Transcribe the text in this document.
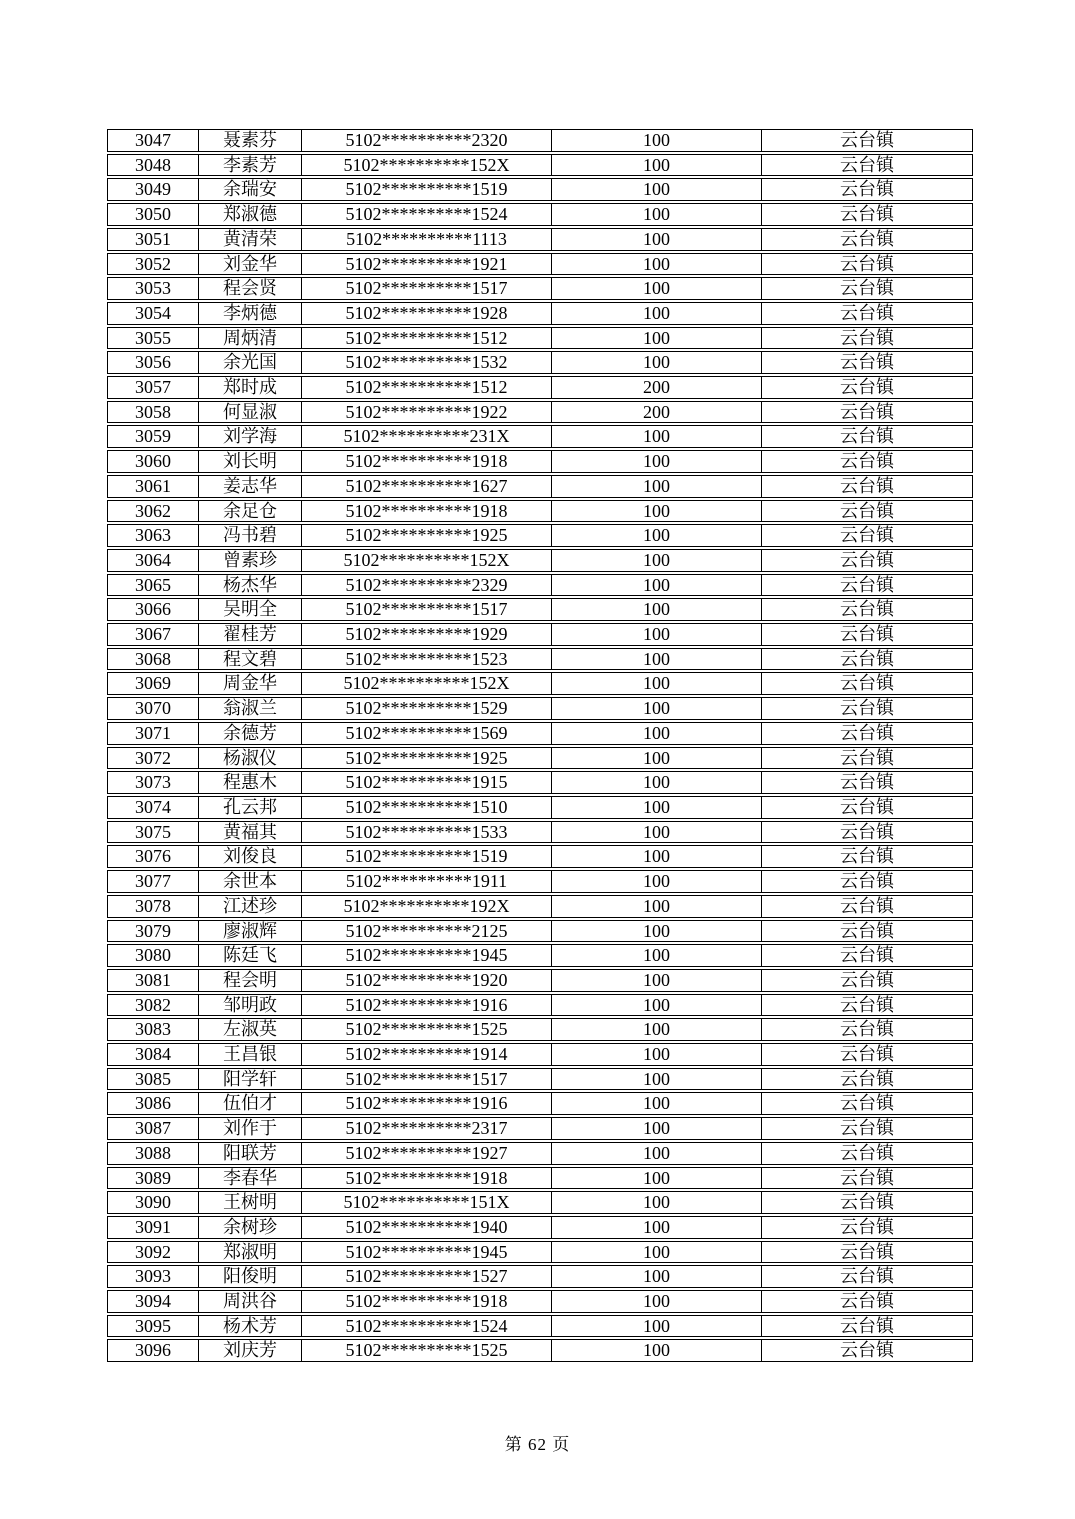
3047	聂素芬	5102**********2320	100	云台镇
3048	李素芳	5102**********152X	100	云台镇
3049	余瑞安	5102**********1519	100	云台镇
3050	郑淑德	5102**********1524	100	云台镇
3051	黄清荣	5102**********1113	100	云台镇
3052	刘金华	5102**********1921	100	云台镇
3053	程会贤	5102**********1517	100	云台镇
3054	李炳德	5102**********1928	100	云台镇
3055	周炳清	5102**********1512	100	云台镇
3056	余光国	5102**********1532	100	云台镇
3057	郑时成	5102**********1512	200	云台镇
3058	何显淑	5102**********1922	200	云台镇
3059	刘学海	5102**********231X	100	云台镇
3060	刘长明	5102**********1918	100	云台镇
3061	姜志华	5102**********1627	100	云台镇
3062	余足仓	5102**********1918	100	云台镇
3063	冯书碧	5102**********1925	100	云台镇
3064	曾素珍	5102**********152X	100	云台镇
3065	杨杰华	5102**********2329	100	云台镇
3066	吴明全	5102**********1517	100	云台镇
3067	翟桂芳	5102**********1929	100	云台镇
3068	程文碧	5102**********1523	100	云台镇
3069	周金华	5102**********152X	100	云台镇
3070	翁淑兰	5102**********1529	100	云台镇
3071	余德芳	5102**********1569	100	云台镇
3072	杨淑仪	5102**********1925	100	云台镇
3073	程惠木	5102**********1915	100	云台镇
3074	孔云邦	5102**********1510	100	云台镇
3075	黄福其	5102**********1533	100	云台镇
3076	刘俊良	5102**********1519	100	云台镇
3077	余世本	5102**********1911	100	云台镇
3078	江述珍	5102**********192X	100	云台镇
3079	廖淑辉	5102**********2125	100	云台镇
3080	陈廷飞	5102**********1945	100	云台镇
3081	程会明	5102**********1920	100	云台镇
3082	邹明政	5102**********1916	100	云台镇
3083	左淑英	5102**********1525	100	云台镇
3084	王昌银	5102**********1914	100	云台镇
3085	阳学轩	5102**********1517	100	云台镇
3086	伍伯才	5102**********1916	100	云台镇
3087	刘作于	5102**********2317	100	云台镇
3088	阳联芳	5102**********1927	100	云台镇
3089	李春华	5102**********1918	100	云台镇
3090	王树明	5102**********151X	100	云台镇
3091	余树珍	5102**********1940	100	云台镇
3092	郑淑明	5102**********1945	100	云台镇
3093	阳俊明	5102**********1527	100	云台镇
3094	周洪谷	5102**********1918	100	云台镇
3095	杨术芳	5102**********1524	100	云台镇
3096	刘庆芳	5102**********1525	100	云台镇
第 62 页
